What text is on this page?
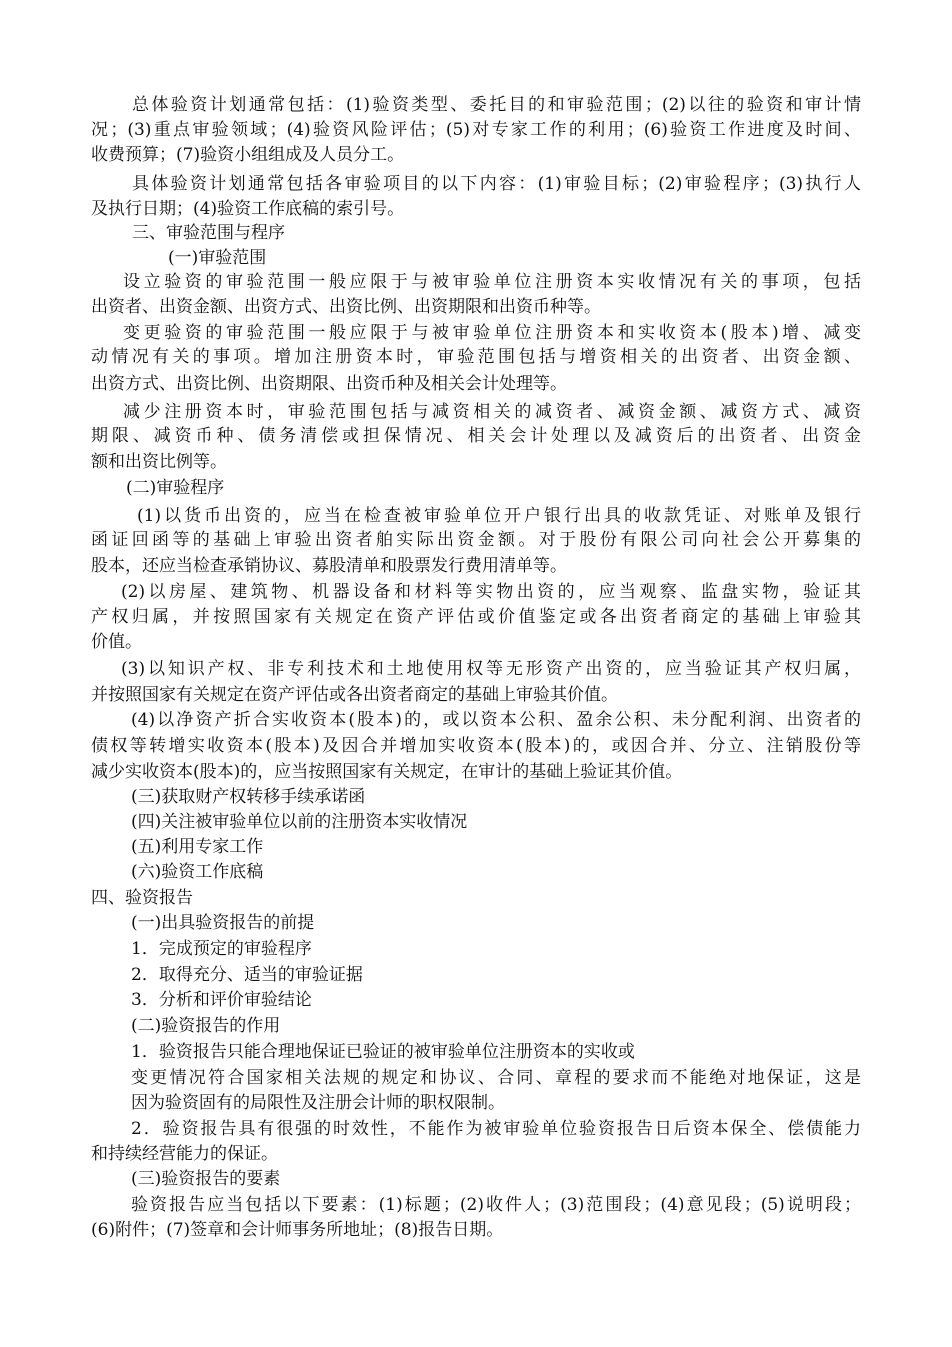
总体验资计划通常包括：(1)验资类型、委托目的和审验范围；(2)以往的验资和审计情
况；(3)重点审验领域；(4)验资风险评估；(5)对专家工作的利用；(6)验资工作进度及时间、
收费预算；(7)验资小组组成及人员分工。
具体验资计划通常包括各审验项目的以下内容：(1)审验目标；(2)审验程序；(3)执行人
及执行日期；(4)验资工作底稿的索引号。
三、审验范围与程序
(一)审验范围
设立验资的审验范围一般应限于与被审验单位注册资本实收情况有关的事项，包括
出资者、出资金额、出资方式、出资比例、出资期限和出资币种等。
变更验资的审验范围一般应限于与被审验单位注册资本和实收资本(股本)增、减变
动情况有关的事项。增加注册资本时，审验范围包括与增资相关的出资者、出资金额、
出资方式、出资比例、出资期限、出资币种及相关会计处理等。
减少注册资本时，审验范围包括与减资相关的减资者、减资金额、减资方式、减资
期限、减资币种、债务清偿或担保情况、相关会计处理以及减资后的出资者、出资金
额和出资比例等。
(二)审验程序
(1)以货币出资的，应当在检查被审验单位开户银行出具的收款凭证、对账单及银行
函证回函等的基础上审验出资者舶实际出资金额。对于股份有限公司向社会公开募集的
股本，还应当检查承销协议、募股清单和股票发行费用清单等。
(2)以房屋、建筑物、机器设备和材料等实物出资的，应当观察、监盘实物，验证其
产权归属，并按照国家有关规定在资产评估或价值鉴定或各出资者商定的基础上审验其
价值。
(3)以知识产权、非专利技术和土地使用权等无形资产出资的，应当验证其产权归属，
并按照国家有关规定在资产评估或各出资者商定的基础上审验其价值。
(4)以净资产折合实收资本(股本)的，或以资本公积、盈余公积、未分配利润、出资者的
债权等转增实收资本(股本)及因合并增加实收资本(股本)的，或因合并、分立、注销股份等
减少实收资本(股本)的，应当按照国家有关规定，在审计的基础上验证其价值。
(三)获取财产权转移手续承诺函
(四)关注被审验单位以前的注册资本实收情况
(五)利用专家工作
(六)验资工作底稿
四、验资报告
(一)出具验资报告的前提
1．完成预定的审验程序
2．取得充分、适当的审验证据
3．分析和评价审验结论
(二)验资报告的作用
1．验资报告只能合理地保证已验证的被审验单位注册资本的实收或
变更情况符合国家相关法规的规定和协议、合同、章程的要求而不能绝对地保证，这是
因为验资固有的局限性及注册会计师的职权限制。
2．验资报告具有很强的时效性，不能作为被审验单位验资报告日后资本保全、偿债能力
和持续经营能力的保证。
(三)验资报告的要素
验资报告应当包括以下要素：(1)标题；(2)收件人；(3)范围段；(4)意见段；(5)说明段；
(6)附件；(7)签章和会计师事务所地址；(8)报告日期。
